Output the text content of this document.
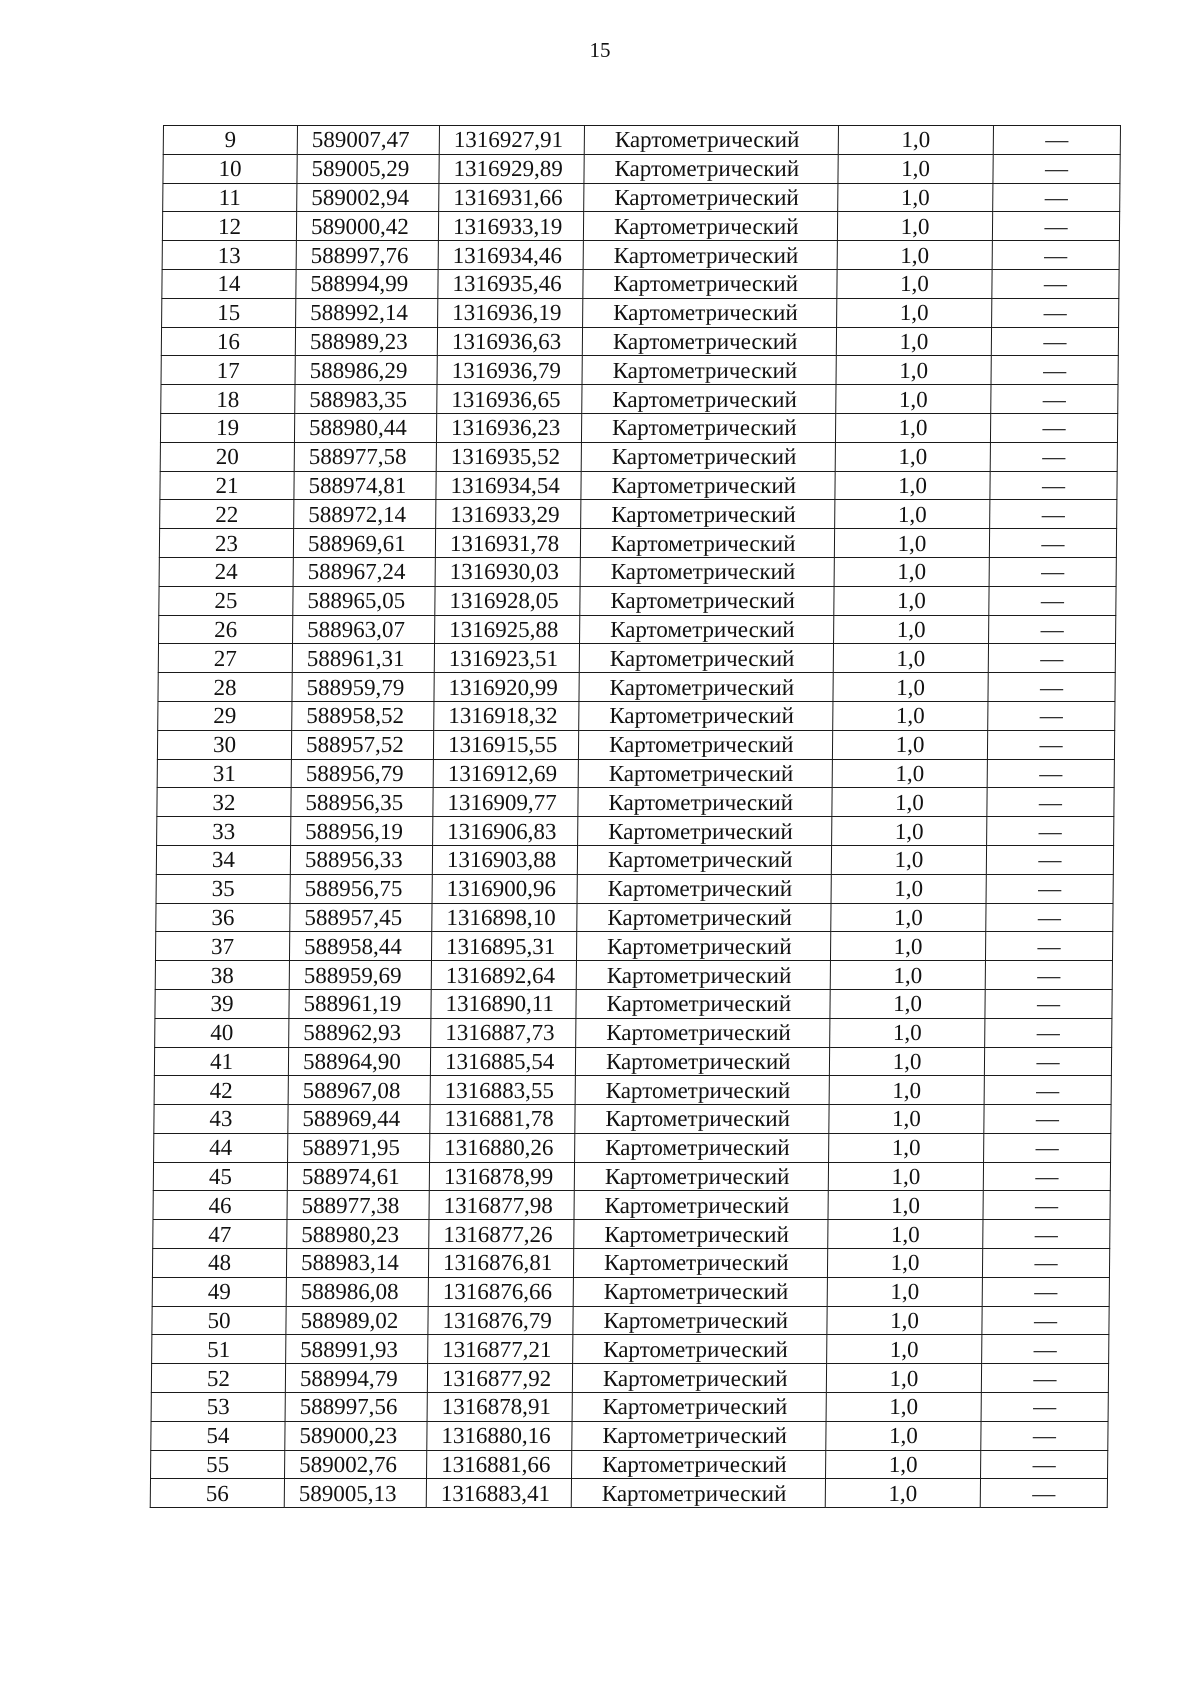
15
9	589007,47	1316927,91	Картометрический	1,0	—
10	589005,29	1316929,89	Картометрический	1,0	—
11	589002,94	1316931,66	Картометрический	1,0	—
12	589000,42	1316933,19	Картометрический	1,0	—
13	588997,76	1316934,46	Картометрический	1,0	—
14	588994,99	1316935,46	Картометрический	1,0	—
15	588992,14	1316936,19	Картометрический	1,0	—
16	588989,23	1316936,63	Картометрический	1,0	—
17	588986,29	1316936,79	Картометрический	1,0	—
18	588983,35	1316936,65	Картометрический	1,0	—
19	588980,44	1316936,23	Картометрический	1,0	—
20	588977,58	1316935,52	Картометрический	1,0	—
21	588974,81	1316934,54	Картометрический	1,0	—
22	588972,14	1316933,29	Картометрический	1,0	—
23	588969,61	1316931,78	Картометрический	1,0	—
24	588967,24	1316930,03	Картометрический	1,0	—
25	588965,05	1316928,05	Картометрический	1,0	—
26	588963,07	1316925,88	Картометрический	1,0	—
27	588961,31	1316923,51	Картометрический	1,0	—
28	588959,79	1316920,99	Картометрический	1,0	—
29	588958,52	1316918,32	Картометрический	1,0	—
30	588957,52	1316915,55	Картометрический	1,0	—
31	588956,79	1316912,69	Картометрический	1,0	—
32	588956,35	1316909,77	Картометрический	1,0	—
33	588956,19	1316906,83	Картометрический	1,0	—
34	588956,33	1316903,88	Картометрический	1,0	—
35	588956,75	1316900,96	Картометрический	1,0	—
36	588957,45	1316898,10	Картометрический	1,0	—
37	588958,44	1316895,31	Картометрический	1,0	—
38	588959,69	1316892,64	Картометрический	1,0	—
39	588961,19	1316890,11	Картометрический	1,0	—
40	588962,93	1316887,73	Картометрический	1,0	—
41	588964,90	1316885,54	Картометрический	1,0	—
42	588967,08	1316883,55	Картометрический	1,0	—
43	588969,44	1316881,78	Картометрический	1,0	—
44	588971,95	1316880,26	Картометрический	1,0	—
45	588974,61	1316878,99	Картометрический	1,0	—
46	588977,38	1316877,98	Картометрический	1,0	—
47	588980,23	1316877,26	Картометрический	1,0	—
48	588983,14	1316876,81	Картометрический	1,0	—
49	588986,08	1316876,66	Картометрический	1,0	—
50	588989,02	1316876,79	Картометрический	1,0	—
51	588991,93	1316877,21	Картометрический	1,0	—
52	588994,79	1316877,92	Картометрический	1,0	—
53	588997,56	1316878,91	Картометрический	1,0	—
54	589000,23	1316880,16	Картометрический	1,0	—
55	589002,76	1316881,66	Картометрический	1,0	—
56	589005,13	1316883,41	Картометрический	1,0	—
